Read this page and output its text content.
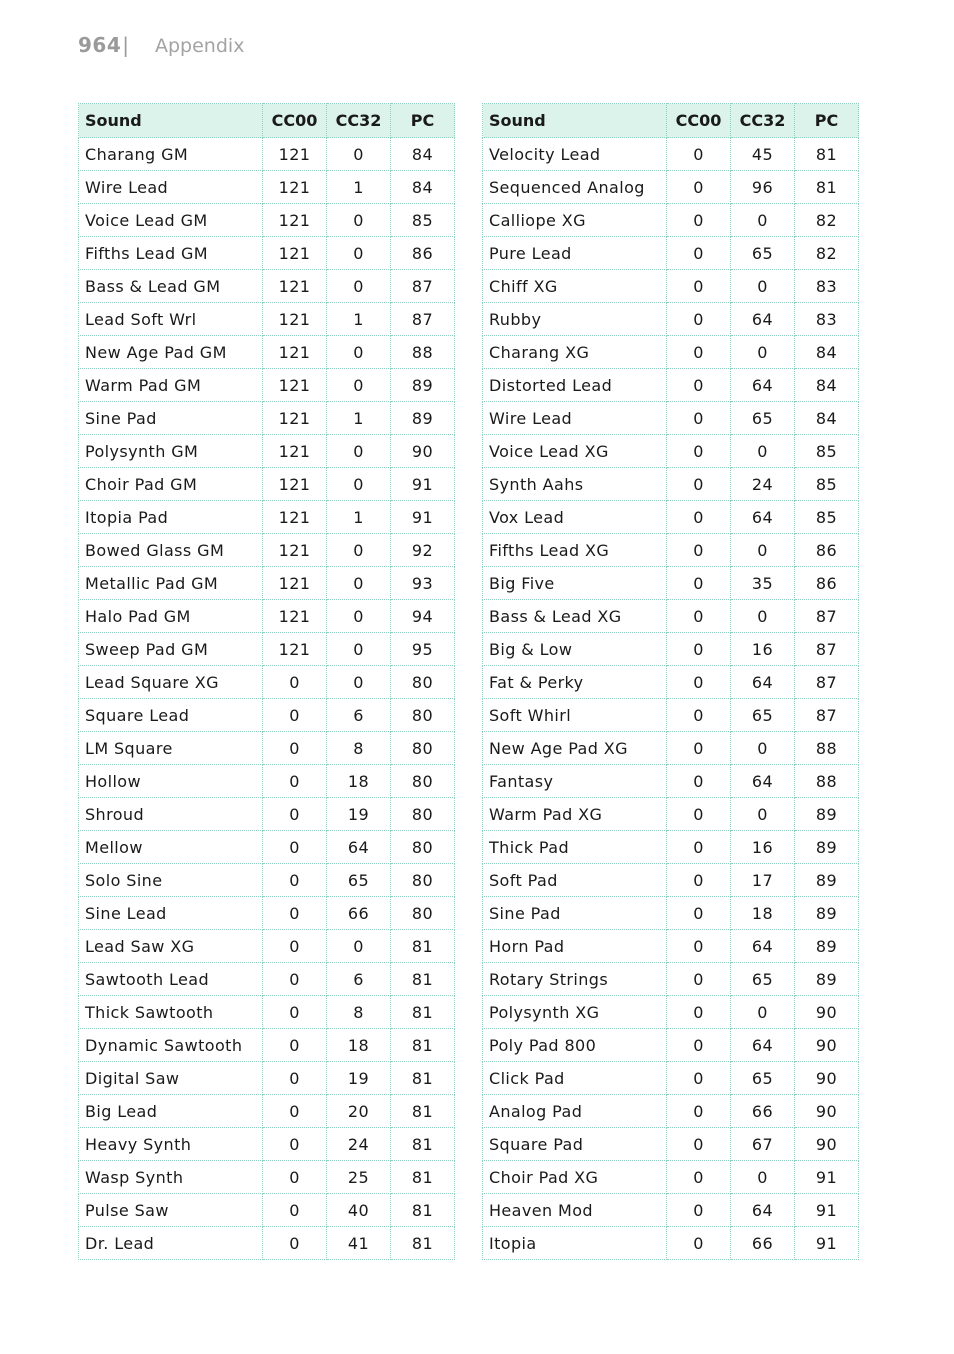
964 | Appendix
Sound	CC00	CC32	PC
Charang GM	121	0	84
Wire Lead	121	1	84
Voice Lead GM	121	0	85
Fifths Lead GM	121	0	86
Bass & Lead GM	121	0	87
Lead Soft Wrl	121	1	87
New Age Pad GM	121	0	88
Warm Pad GM	121	0	89
Sine Pad	121	1	89
Polysynth GM	121	0	90
Choir Pad GM	121	0	91
Itopia Pad	121	1	91
Bowed Glass GM	121	0	92
Metallic Pad GM	121	0	93
Halo Pad GM	121	0	94
Sweep Pad GM	121	0	95
Lead Square XG	0	0	80
Square Lead	0	6	80
LM Square	0	8	80
Hollow	0	18	80
Shroud	0	19	80
Mellow	0	64	80
Solo Sine	0	65	80
Sine Lead	0	66	80
Lead Saw XG	0	0	81
Sawtooth Lead	0	6	81
Thick Sawtooth	0	8	81
Dynamic Sawtooth	0	18	81
Digital Saw	0	19	81
Big Lead	0	20	81
Heavy Synth	0	24	81
Wasp Synth	0	25	81
Pulse Saw	0	40	81
Dr. Lead	0	41	81
Sound	CC00	CC32	PC
Velocity Lead	0	45	81
Sequenced Analog	0	96	81
Calliope XG	0	0	82
Pure Lead	0	65	82
Chiff XG	0	0	83
Rubby	0	64	83
Charang XG	0	0	84
Distorted Lead	0	64	84
Wire Lead	0	65	84
Voice Lead XG	0	0	85
Synth Aahs	0	24	85
Vox Lead	0	64	85
Fifths Lead XG	0	0	86
Big Five	0	35	86
Bass & Lead XG	0	0	87
Big & Low	0	16	87
Fat & Perky	0	64	87
Soft Whirl	0	65	87
New Age Pad XG	0	0	88
Fantasy	0	64	88
Warm Pad XG	0	0	89
Thick Pad	0	16	89
Soft Pad	0	17	89
Sine Pad	0	18	89
Horn Pad	0	64	89
Rotary Strings	0	65	89
Polysynth XG	0	0	90
Poly Pad 800	0	64	90
Click Pad	0	65	90
Analog Pad	0	66	90
Square Pad	0	67	90
Choir Pad XG	0	0	91
Heaven Mod	0	64	91
Itopia	0	66	91
